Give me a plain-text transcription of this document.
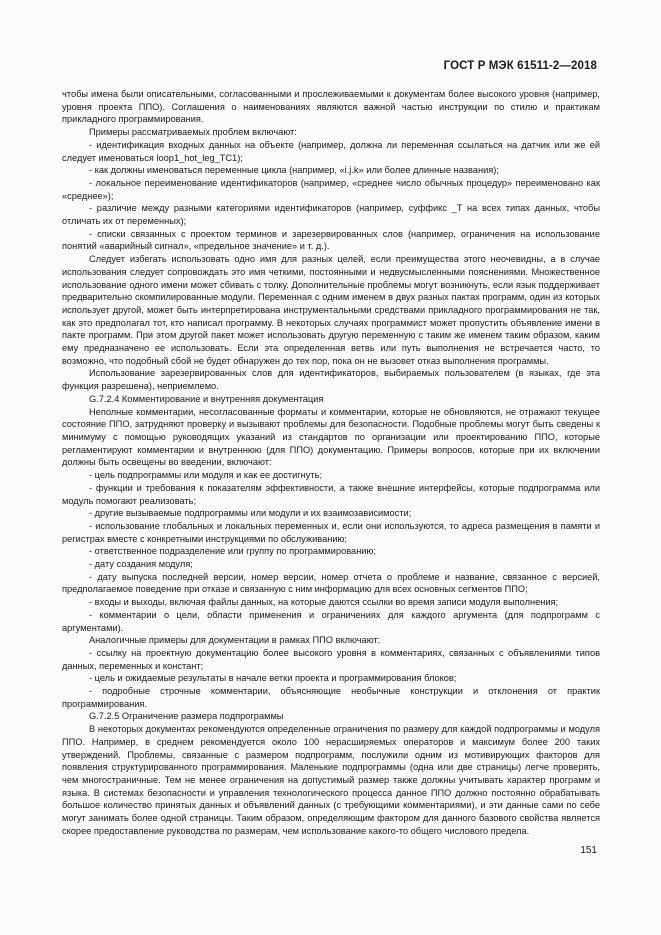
ГОСТ Р МЭК 61511-2—2018

чтобы имена были описательными, согласованными и прослеживаемыми к документам более высокого уровня (например, уровня проекта ППО). Соглашения о наименованиях являются важной частью инструкции по стилю и практикам прикладного программирования.

Примеры рассматриваемых проблем включают:

- идентификация входных данных на объекте (например, должна ли переменная ссылаться на датчик или же ей следует именоваться loop1_hot_leg_TC1);

- как должны именоваться переменные цикла (например, «i.j.k» или более длинные названия);

- локальное переименование идентификаторов (например, «среднее число обычных процедур» переименовано как «среднее»);

- различие между разными категориями идентификаторов (например, суффикс _T на всех типах данных, чтобы отличать их от переменных);

- списки связанных с проектом терминов и зарезервированных слов (например, ограничения на использование понятий «аварийный сигнал», «предельное значение» и т. д.).

Следует избегать использовать одно имя для разных целей, если преимущества этого неочевидны, а в случае использования следует сопровождать это имя четкими, постоянными и недвусмысленными пояснениями. Множественное использование одного имени может сбивать с толку. Дополнительные проблемы могут возникнуть, если язык поддерживает предварительно скомпилированные модули. Переменная с одним именем в двух разных пактах программ, один из которых использует другой, может быть интерпретирована инструментальными средствами прикладного программирования не так, как это предполагал тот, кто написал программу. В некоторых случаях программист может пропустить объявление имени в пакте программ. При этом другой пакет может использовать другую переменную с таким же именем таким образом, каким ему предназначено ее использовать. Если эта определенная ветвь или путь выполнения не встречается часто, то возможно, что подобный сбой не будет обнаружен до тех пор, пока он не вызовет отказ выполнения программы.

Использование зарезервированных слов для идентификаторов, выбираемых пользователем (в языках, где эта функция разрешена), неприемлемо.

G.7.2.4 Комментирование и внутренняя документация

Неполные комментарии, несогласованные форматы и комментарии, которые не обновляются, не отражают текущее состояние ППО, затрудняют проверку и вызывают проблемы для безопасности. Подобные проблемы могут быть сведены к минимуму с помощью руководящих указаний из стандартов по организации или проектированию ППО, которые регламентируют комментарии и внутреннюю (для ППО) документацию. Примеры вопросов, которые при их включении должны быть освещены во введении, включают:

- цель подпрограммы или модуля и как ее достигнуть;

- функции и требования к показателям эффективности, а также внешние интерфейсы, которые подпрограмма или модуль помогают реализовать;

- другие вызываемые подпрограммы или модули и их взаимозависимости;

- использование глобальных и локальных переменных и, если они используются, то адреса размещения в памяти и регистрах вместе с конкретными инструкциями по обслуживанию;

- ответственное подразделение или группу по программированию;

- дату создания модуля;

- дату выпуска последней версии, номер версии, номер отчета о проблеме и название, связанное с версией, предполагаемое поведение при отказе и связанную с ним информацию для всех основных сегментов ППО;

- входы и выходы, включая файлы данных, на которые даются ссылки во время записи модуля выполнения;

- комментарии о цели, области применения и ограничениях для каждого аргумента (для подпрограмм с аргументами).

Аналогичные примеры для документации в рамках ППО включают:

- ссылку на проектную документацию более высокого уровня в комментариях, связанных с объявлениями типов данных, переменных и констант;

- цель и ожидаемые результаты в начале ветки проекта и программирования блоков;

- подробные строчные комментарии, объясняющие необычные конструкции и отклонения от практик программирования.

G.7.2.5 Ограничение размера подпрограммы

В некоторых документах рекомендуются определенные ограничения по размеру для каждой подпрограммы и модуля ППО. Например, в среднем рекомендуется около 100 нерасширяемых операторов и максимум более 200 таких утверждений. Проблемы, связанные с размером подпрограмм, послужили одним из мотивирующих факторов для появления структурированного программирования. Маленькие подпрограммы (одна или две страницы) легче проверять, чем многостраничные. Тем не менее ограничения на допустимый размер также должны учитывать характер программ и языка. В системах безопасности и управления технологического процесса данное ППО должно постоянно обрабатывать большое количество принятых данных и объявлений данных (с требующими комментариями), и эти данные сами по себе могут занимать более одной страницы. Таким образом, определяющим фактором для данного базового свойства является скорее предоставление руководства по размерам, чем использование какого-то общего числового предела.

151
